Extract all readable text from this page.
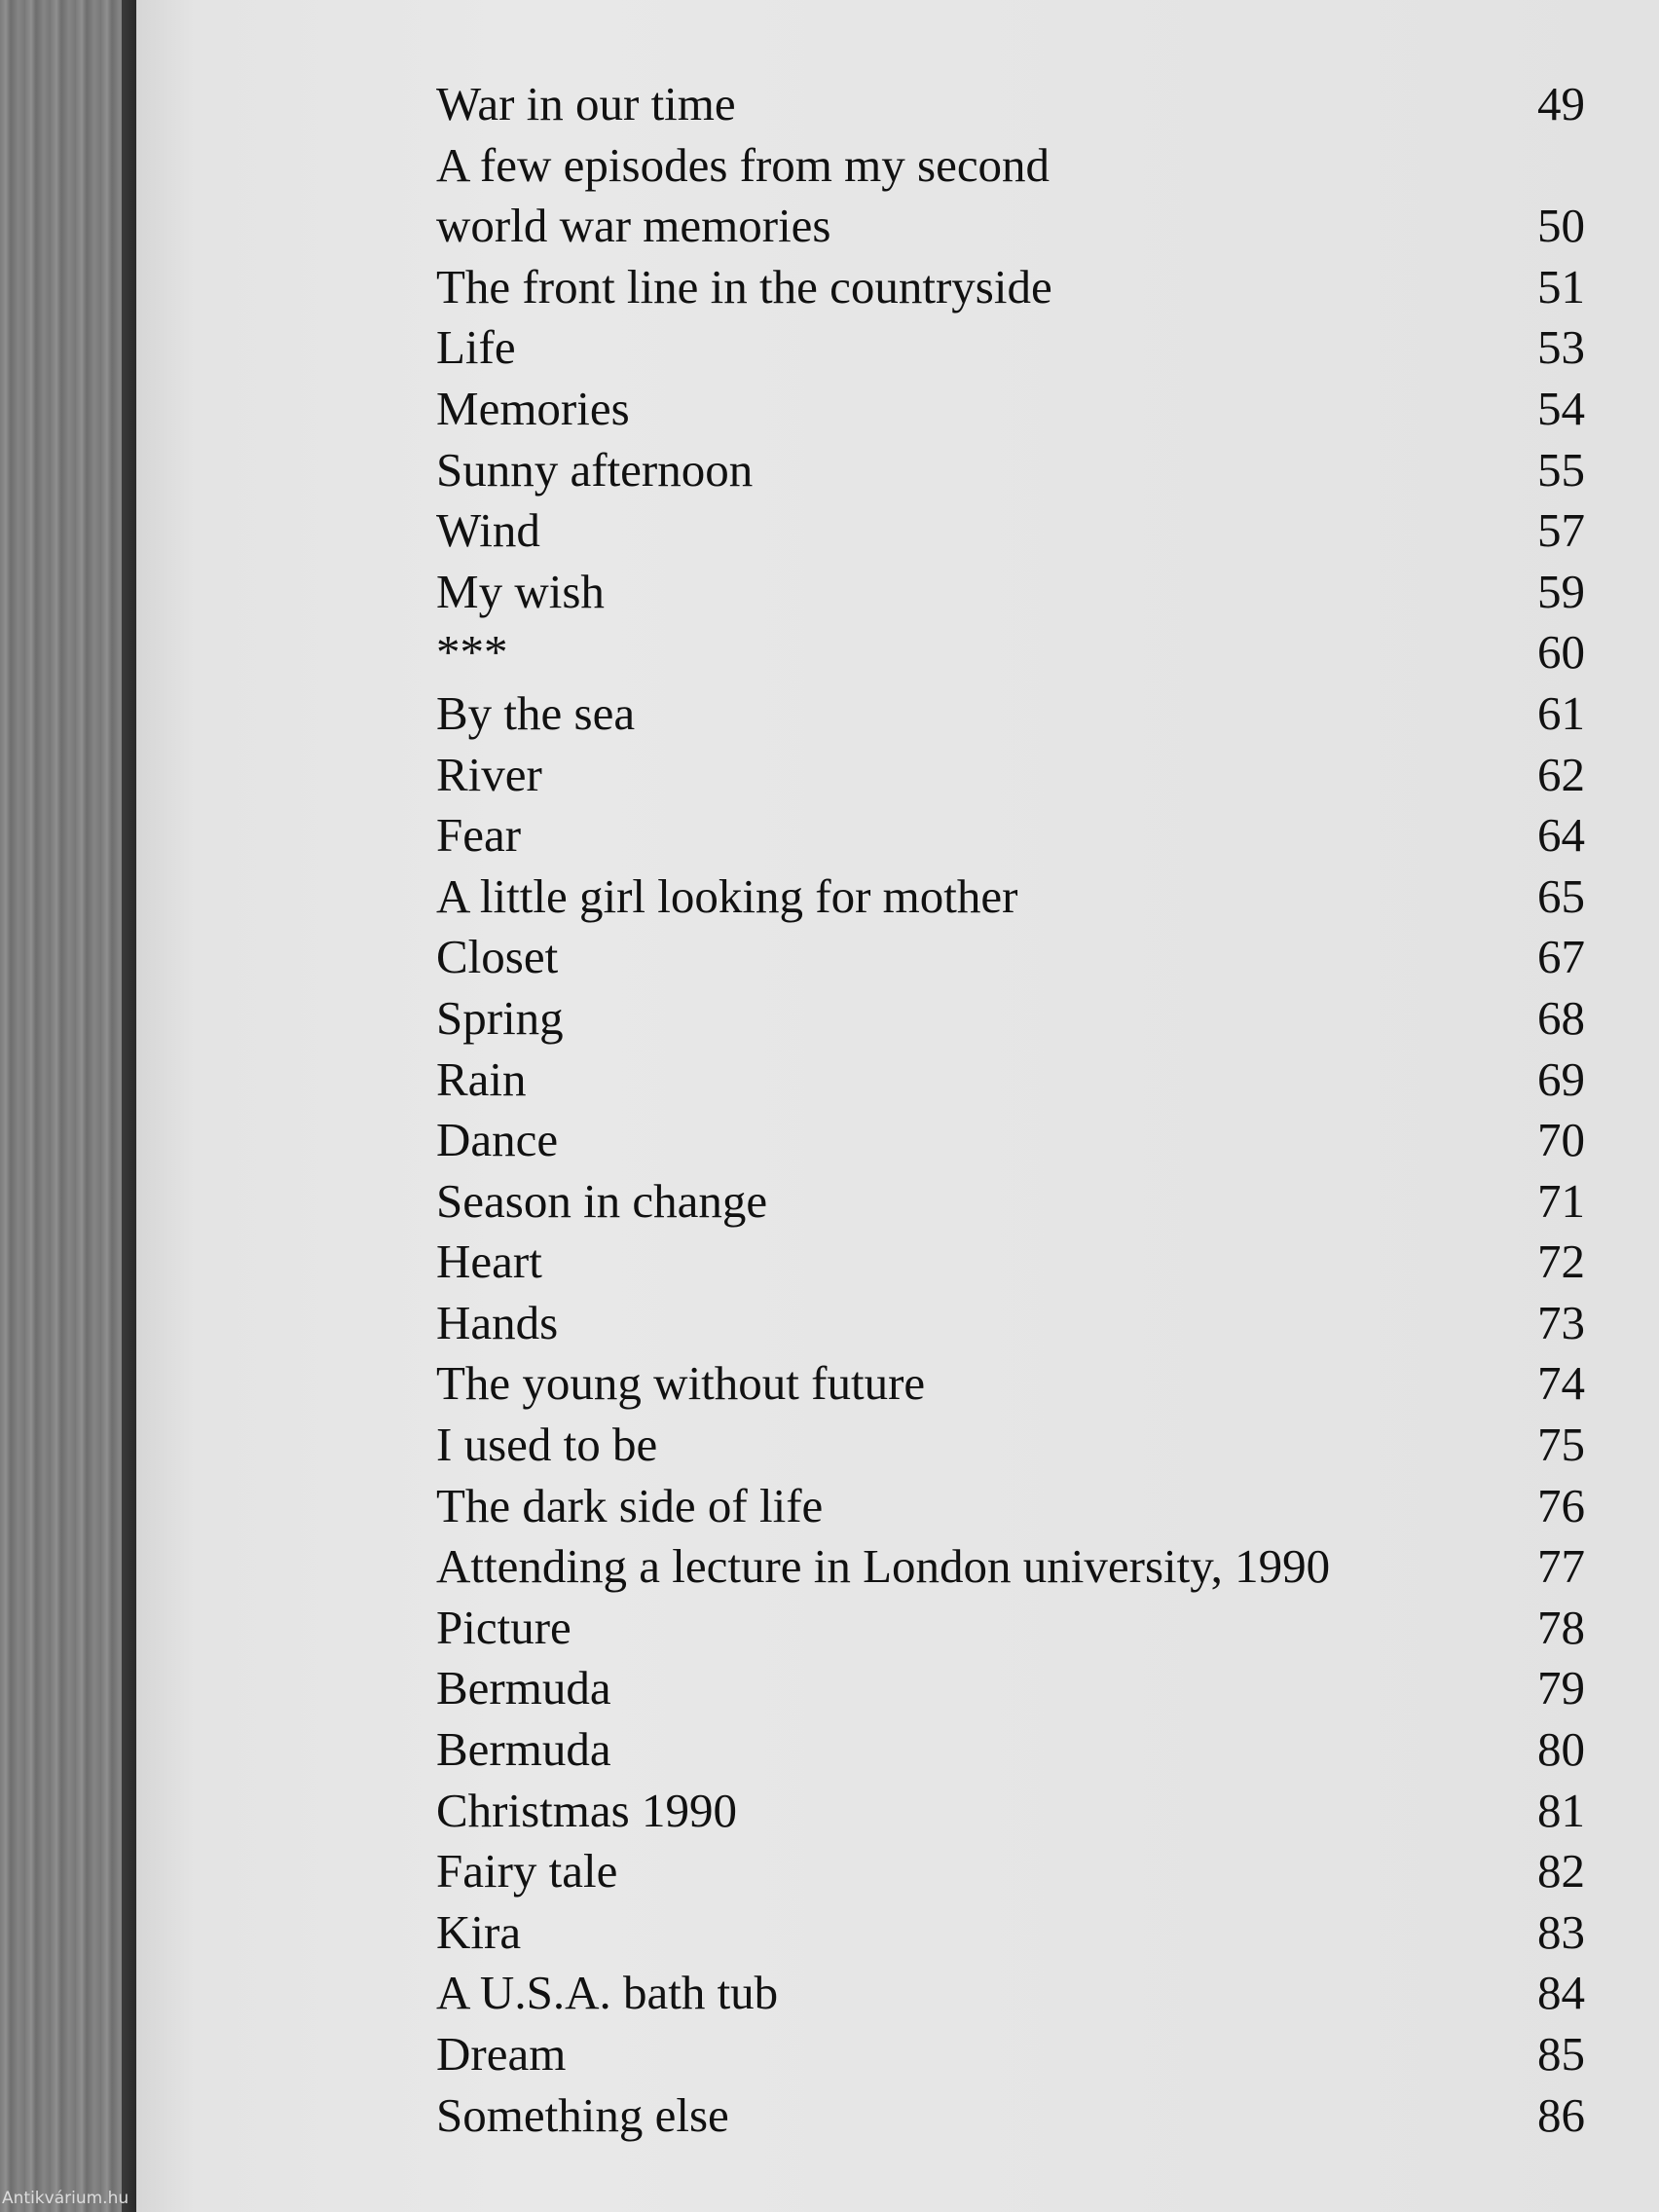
War in our time	49
A few episodes from my second
world war memories	50
The front line in the countryside	51
Life	53
Memories	54
Sunny afternoon	55
Wind	57
My wish	59
***	60
By the sea	61
River	62
Fear	64
A little girl looking for mother	65
Closet	67
Spring	68
Rain	69
Dance	70
Season in change	71
Heart	72
Hands	73
The young without future	74
I used to be	75
The dark side of life	76
Attending a lecture in London university, 1990	77
Picture	78
Bermuda	79
Bermuda	80
Christmas 1990	81
Fairy tale	82
Kira	83
A U.S.A. bath tub	84
Dream	85
Something else	86
Antikvárium.hu
